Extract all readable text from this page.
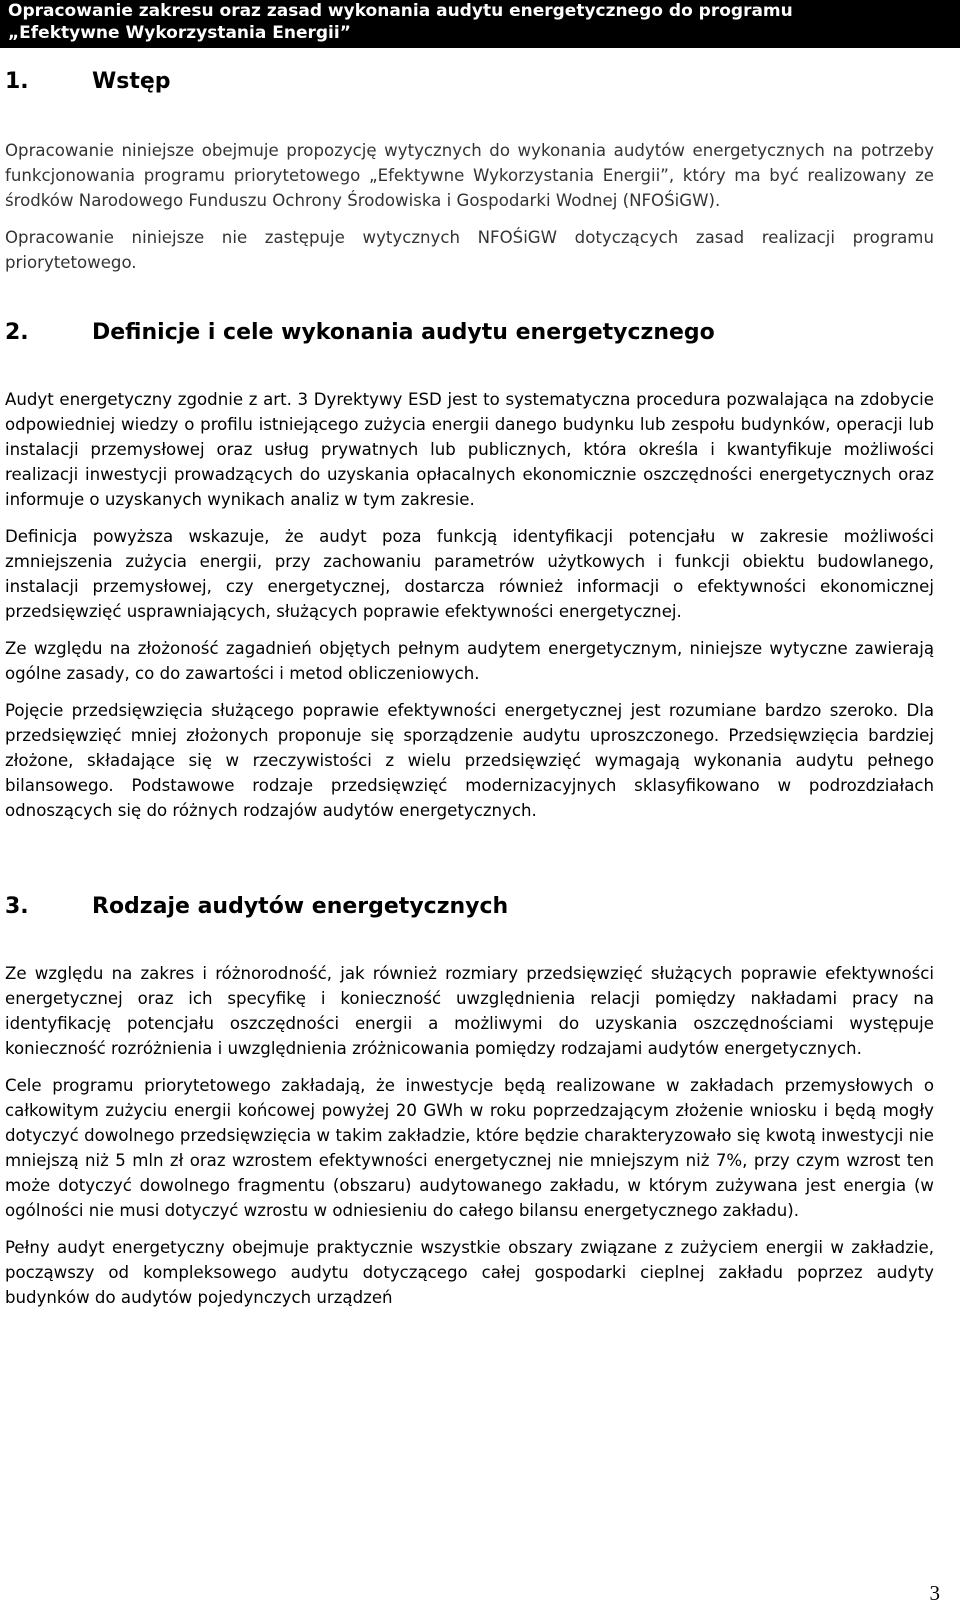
Opracowanie zakresu oraz zasad wykonania audytu energetycznego do programu
„Efektywne Wykorzystania Energii”
1.	Wstęp

Opracowanie niniejsze obejmuje propozycję wytycznych do wykonania audytów energetycznych na potrzeby funkcjonowania programu priorytetowego „Efektywne Wykorzystania Energii”, który ma być realizowany ze środków Narodowego Funduszu Ochrony Środowiska i Gospodarki Wodnej (NFOŚiGW).

Opracowanie niniejsze nie zastępuje wytycznych NFOŚiGW dotyczących zasad realizacji programu priorytetowego.

2.	Definicje i cele wykonania audytu energetycznego

Audyt energetyczny zgodnie z art. 3 Dyrektywy ESD jest to systematyczna procedura pozwalająca na zdobycie odpowiedniej wiedzy o profilu istniejącego zużycia energii danego budynku lub zespołu budynków, operacji lub instalacji przemysłowej oraz usług prywatnych lub publicznych, która określa i kwantyfikuje możliwości realizacji inwestycji prowadzących do uzyskania opłacalnych ekonomicznie oszczędności energetycznych oraz informuje o uzyskanych wynikach analiz w tym zakresie.

Definicja powyższa wskazuje, że audyt poza funkcją identyfikacji potencjału w zakresie możliwości zmniejszenia zużycia energii, przy zachowaniu parametrów użytkowych i funkcji obiektu budowlanego, instalacji przemysłowej, czy energetycznej, dostarcza również informacji o efektywności ekonomicznej przedsięwzięć usprawniających, służących poprawie efektywności energetycznej.

Ze względu na złożoność zagadnień objętych pełnym audytem energetycznym, niniejsze wytyczne zawierają ogólne zasady, co do zawartości i metod obliczeniowych.

Pojęcie przedsięwzięcia służącego poprawie efektywności energetycznej jest rozumiane bardzo szeroko. Dla przedsięwzięć mniej złożonych proponuje się sporządzenie audytu uproszczonego. Przedsięwzięcia bardziej złożone, składające się w rzeczywistości z wielu przedsięwzięć wymagają wykonania audytu pełnego bilansowego. Podstawowe rodzaje przedsięwzięć modernizacyjnych sklasyfikowano w podrozdziałach odnoszących się do różnych rodzajów audytów energetycznych.

3.	Rodzaje audytów energetycznych

Ze względu na zakres i różnorodność, jak również rozmiary przedsięwzięć służących poprawie efektywności energetycznej oraz ich specyfikę i konieczność uwzględnienia relacji pomiędzy nakładami pracy na identyfikację potencjału oszczędności energii a możliwymi do uzyskania oszczędnościami występuje konieczność rozróżnienia i uwzględnienia zróżnicowania pomiędzy rodzajami audytów energetycznych.

Cele programu priorytetowego zakładają, że inwestycje będą realizowane w zakładach przemysłowych o całkowitym zużyciu energii końcowej powyżej 20 GWh w roku poprzedzającym złożenie wniosku i będą mogły dotyczyć dowolnego przedsięwzięcia w takim zakładzie, które będzie charakteryzowało się kwotą inwestycji nie mniejszą niż 5 mln zł oraz wzrostem efektywności energetycznej nie mniejszym niż 7%, przy czym wzrost ten może dotyczyć dowolnego fragmentu (obszaru) audytowanego zakładu, w którym zużywana jest energia (w ogólności nie musi dotyczyć wzrostu w odniesieniu do całego bilansu energetycznego zakładu).

Pełny audyt energetyczny obejmuje praktycznie wszystkie obszary związane z zużyciem energii w zakładzie, począwszy od kompleksowego audytu dotyczącego całej gospodarki cieplnej zakładu poprzez audyty budynków do audytów pojedynczych urządzeń

3
